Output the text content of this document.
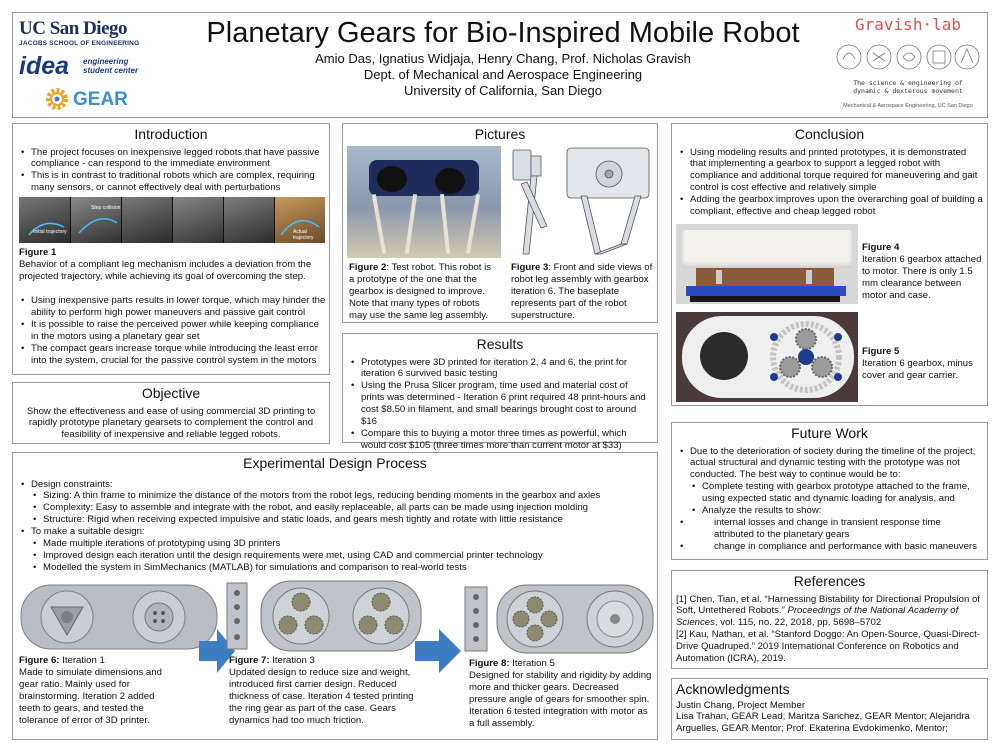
UC San Diego
JACOBS SCHOOL OF ENGINEERING
idea engineering
student center
GEAR
Planetary Gears for Bio-Inspired Mobile Robot
Amio Das, Ignatius Widjaja, Henry Chang, Prof. Nicholas Gravish
Dept. of Mechanical and Aerospace Engineering
University of California, San Diego
Gravish·lab
The science & engineering of
dynamic & dexterous movement
Mechanical & Aerospace Engineering, UC San Diego
Introduction
• The project focuses on inexpensive legged robots that have passive compliance - can respond to the immediate environment
• This is in contrast to traditional robots which are complex, requiring many sensors, or cannot effectively deal with perturbations
Initial trajectory
Step collision
Actual trajectory
Figure 1
Behavior of a compliant leg mechanism includes a deviation from the projected trajectory, while achieving its goal of overcoming the step.
• Using inexpensive parts results in lower torque, which may hinder the ability to perform high power maneuvers and passive gait control
• It is possible to raise the perceived power while keeping compliance in the motors using a planetary gear set
• The compact gears increase torque while introducing the least error into the system, crucial for the passive control system in the motors
Objective
Show the effectiveness and ease of using commercial 3D printing to rapidly prototype planetary gearsets to complement the control and feasibility of inexpensive and reliable legged robots.
Pictures
Figure 2: Test robot. This robot is a prototype of the one that the gearbox is designed to improve. Note that many types of robots may use the same leg assembly.
Figure 3: Front and side views of robot leg assembly with gearbox iteration 6. The baseplate represents part of the robot superstructure.
Results
• Prototypes were 3D printed for iteration 2, 4 and 6, the print for iteration 6 survived basic testing
• Using the Prusa Slicer program, time used and material cost of prints was determined - Iteration 6 print required 48 print-hours and cost $8.50 in filament, and small bearings brought cost to around $16
• Compare this to buying a motor three times as powerful, which would cost $105 (three times more than current motor at $33)
Conclusion
• Using modeling results and printed prototypes, it is demonstrated that implementing a gearbox to support a legged robot with compliance and additional torque required for maneuvering and gait control is cost effective and relatively simple
• Adding the gearbox improves upon the overarching goal of building a compliant, effective and cheap legged robot
Figure 4
Iteration 6 gearbox attached to motor. There is only 1.5 mm clearance between motor and case.
Figure 5
Iteration 6 gearbox, minus cover and gear carrier.
Future Work
• Due to the deterioration of society during the timeline of the project, actual structural and dynamic testing with the prototype was not conducted. The best way to continue would be to:
• Complete testing with gearbox prototype attached to the frame, using expected static and dynamic loading for analysis, and
• Analyze the results to show:
• internal losses and change in transient response time attributed to the planetary gears
• change in compliance and performance with basic maneuvers
References
[1] Chen, Tian, et al. “Harnessing Bistability for Directional Propulsion of Soft, Untethered Robots.” Proceedings of the National Academy of Sciences, vol. 115, no. 22, 2018, pp. 5698–5702
[2] Kau, Nathan, et al. “Stanford Doggo: An Open-Source, Quasi-Direct-Drive Quadruped.” 2019 International Conference on Robotics and Automation (ICRA), 2019.
Acknowledgments
Justin Chang, Project Member
Lisa Trahan, GEAR Lead; Maritza Sanchez, GEAR Mentor; Alejandra Arguelles, GEAR Mentor; Prof. Ekaterina Evdokimenko, Mentor;
Experimental Design Process
• Design constraints:
• Sizing: A thin frame to minimize the distance of the motors from the robot legs, reducing bending moments in the gearbox and axles
• Complexity: Easy to assemble and integrate with the robot, and easily replaceable, all parts can be made using injection molding
• Structure: Rigid when receiving expected impulsive and static loads, and gears mesh tightly and rotate with little resistance
• To make a suitable design:
• Made multiple iterations of prototyping using 3D printers
• Improved design each iteration until the design requirements were met, using CAD and commercial printer technology
• Modelled the system in SimMechanics (MATLAB) for simulations and comparison to real-world tests
Figure 6: Iteration 1
Made to simulate dimensions and gear ratio. Mainly used for brainstorming. Iteration 2 added teeth to gears, and tested the tolerance of error of 3D printer.
Figure 7: Iteration 3
Updated design to reduce size and weight, introduced first carrier design. Reduced thickness of case. Iteration 4 tested printing the ring gear as part of the case. Gears dynamics had too much friction.
Figure 8: Iteration 5
Designed for stability and rigidity by adding more and thicker gears. Decreased pressure angle of gears for smoother spin. Iteration 6 tested integration with motor as a full assembly.
